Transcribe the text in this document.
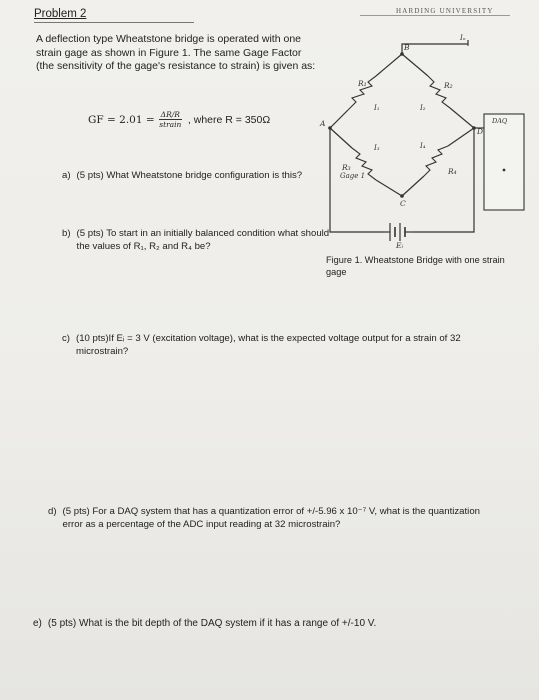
HARDING UNIVERSITY
Problem 2
A deflection type Wheatstone bridge is operated with one strain gage as shown in Figure 1. The same Gage Factor (the sensitivity of the gage's resistance to strain) is given as:
GF = $2.01 = \frac{\Delta R/R}{\text{strain}}$ , where R = 350Ω
a) (5 pts) What Wheatstone bridge configuration is this?
b) (5 pts) To start in an initially balanced condition what should the values of R₁, R₂ and R₄ be?
c) (10 pts)If Eᵢ = 3 V (excitation voltage), what is the expected voltage output for a strain of 32 microstrain?
d) (5 pts) For a DAQ system that has a quantization error of +/-5.96 x 10⁻⁷ V, what is the quantization error as a percentage of the ADC input reading at 32 microstrain?
e) (5 pts) What is the bit depth of the DAQ system if it has a range of +/-10 V.
A
B
C
D
R₁	R₂
R₃	R₄
I₁	I₂
I₃	I₄
Iₒ
Gage 1
Eᵢ
DAQ
Figure 1. Wheatstone Bridge with one strain gage
